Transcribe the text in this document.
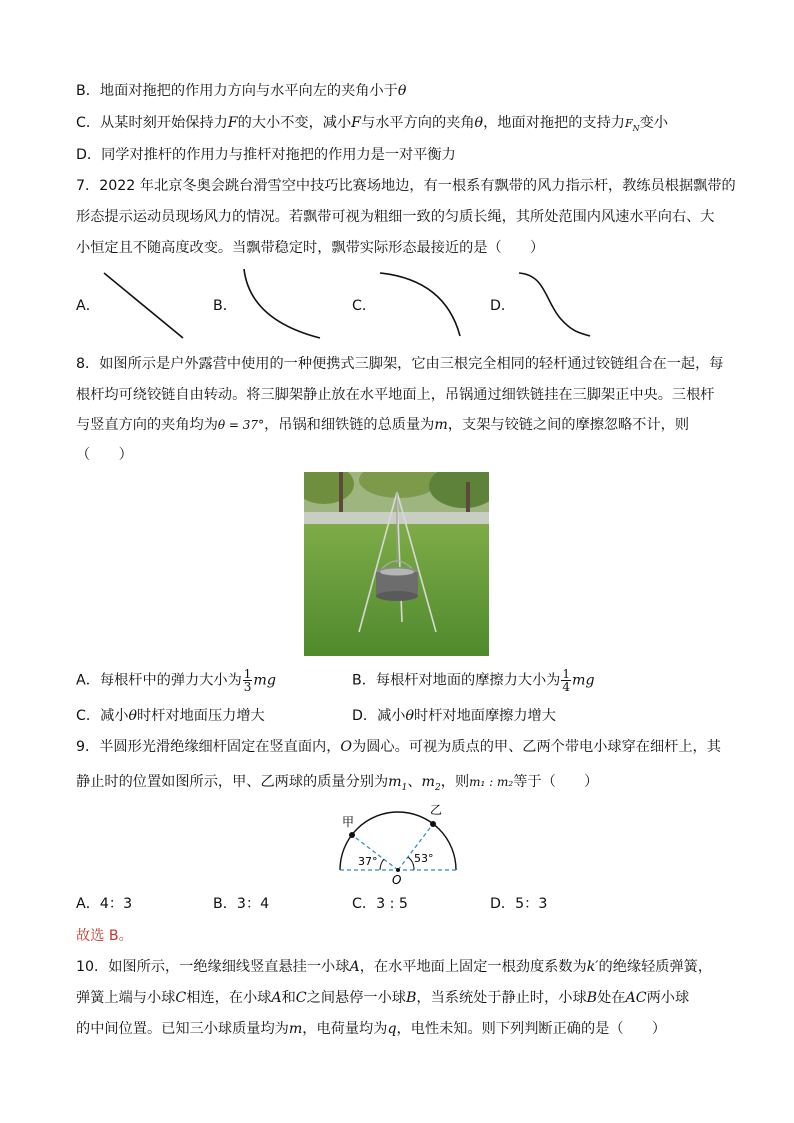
B．地面对拖把的作用力方向与水平向左的夹角小于θ
C．从某时刻开始保持力F的大小不变，减小F与水平方向的夹角θ，地面对拖把的支持力$F_N$变小
D．同学对推杆的作用力与推杆对拖把的作用力是一对平衡力
7．2022 年北京冬奥会跳台滑雪空中技巧比赛场地边，有一根系有飘带的风力指示杆，教练员根据飘带的
形态提示运动员现场风力的情况。若飘带可视为粗细一致的匀质长绳，其所处范围内风速水平向右、大
小恒定且不随高度改变。当飘带稳定时，飘带实际形态最接近的是（　　）
A．	B．	C．	D．
8．如图所示是户外露营中使用的一种便携式三脚架，它由三根完全相同的轻杆通过铰链组合在一起，每
根杆均可绕铰链自由转动。将三脚架静止放在水平地面上，吊锅通过细铁链挂在三脚架正中央。三根杆
与竖直方向的夹角均为θ = 37°，吊锅和细铁链的总质量为m，支架与铰链之间的摩擦忽略不计，则
（　　）
A．每根杆中的弹力大小为 $\frac{1}{3}$ mg	B．每根杆对地面的摩擦力大小为 $\frac{1}{4}$ mg
C．减小θ时杆对地面压力增大	D．减小θ时杆对地面摩擦力增大
9．半圆形光滑绝缘细杆固定在竖直面内，O为圆心。可视为质点的甲、乙两个带电小球穿在细杆上，其
静止时的位置如图所示，甲、乙两球的质量分别为$m_1$、$m_2$，则m₁ : m₂等于（　　）
甲
乙
37°	53°
O
A．4：3	B．3：4	C．3 : 5	D．5：3
故选 B。
10．如图所示，一绝缘细线竖直悬挂一小球A，在水平地面上固定一根劲度系数为k′的绝缘轻质弹簧，
弹簧上端与小球C相连，在小球A和C之间悬停一小球B，当系统处于静止时，小球B处在AC两小球
的中间位置。已知三小球质量均为m，电荷量均为q，电性未知。则下列判断正确的是（　　）
